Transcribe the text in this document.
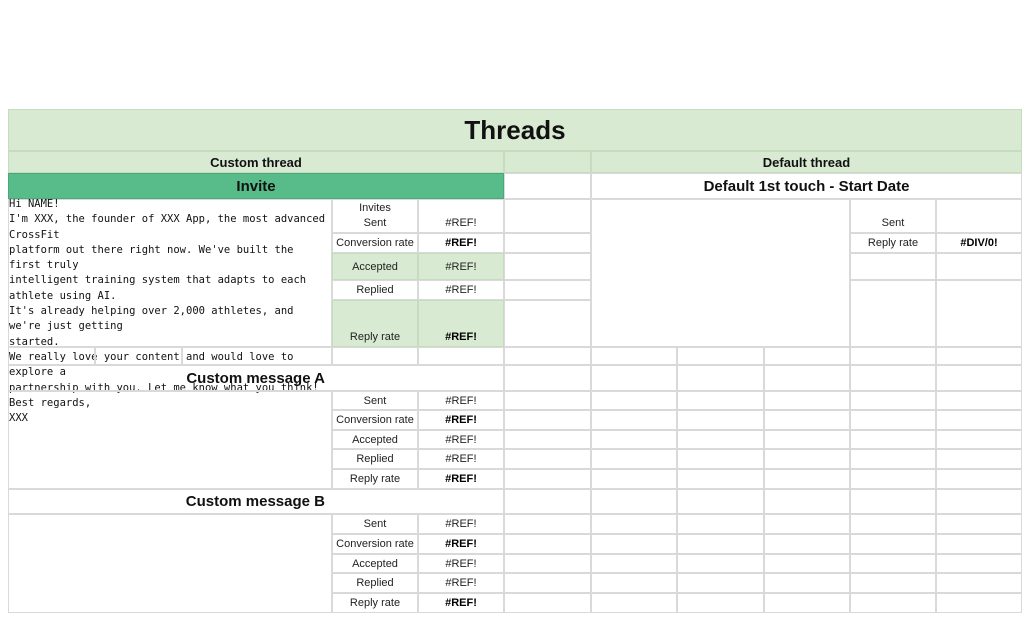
Threads
Custom thread	Default thread
Invite	Default 1st touch - Start Date
Hi NAME!
I'm XXX, the founder of XXX App, the most advanced CrossFit
platform out there right now. We've built the first truly
intelligent training system that adapts to each athlete using AI.
It's already helping over 2,000 athletes, and we're just getting
started.
We really love your content and would love to explore a
partnership with you. Let me know what you think!
Best regards,
XXX
Invites
Sent	#REF!
Conversion rate	#REF!
Accepted	#REF!
Replied	#REF!
Reply rate	#REF!
Sent
Reply rate	#DIV/0!
Custom message A
Sent	#REF!
Conversion rate	#REF!
Accepted	#REF!
Replied	#REF!
Reply rate	#REF!
Custom message B
Sent	#REF!
Conversion rate	#REF!
Accepted	#REF!
Replied	#REF!
Reply rate	#REF!
